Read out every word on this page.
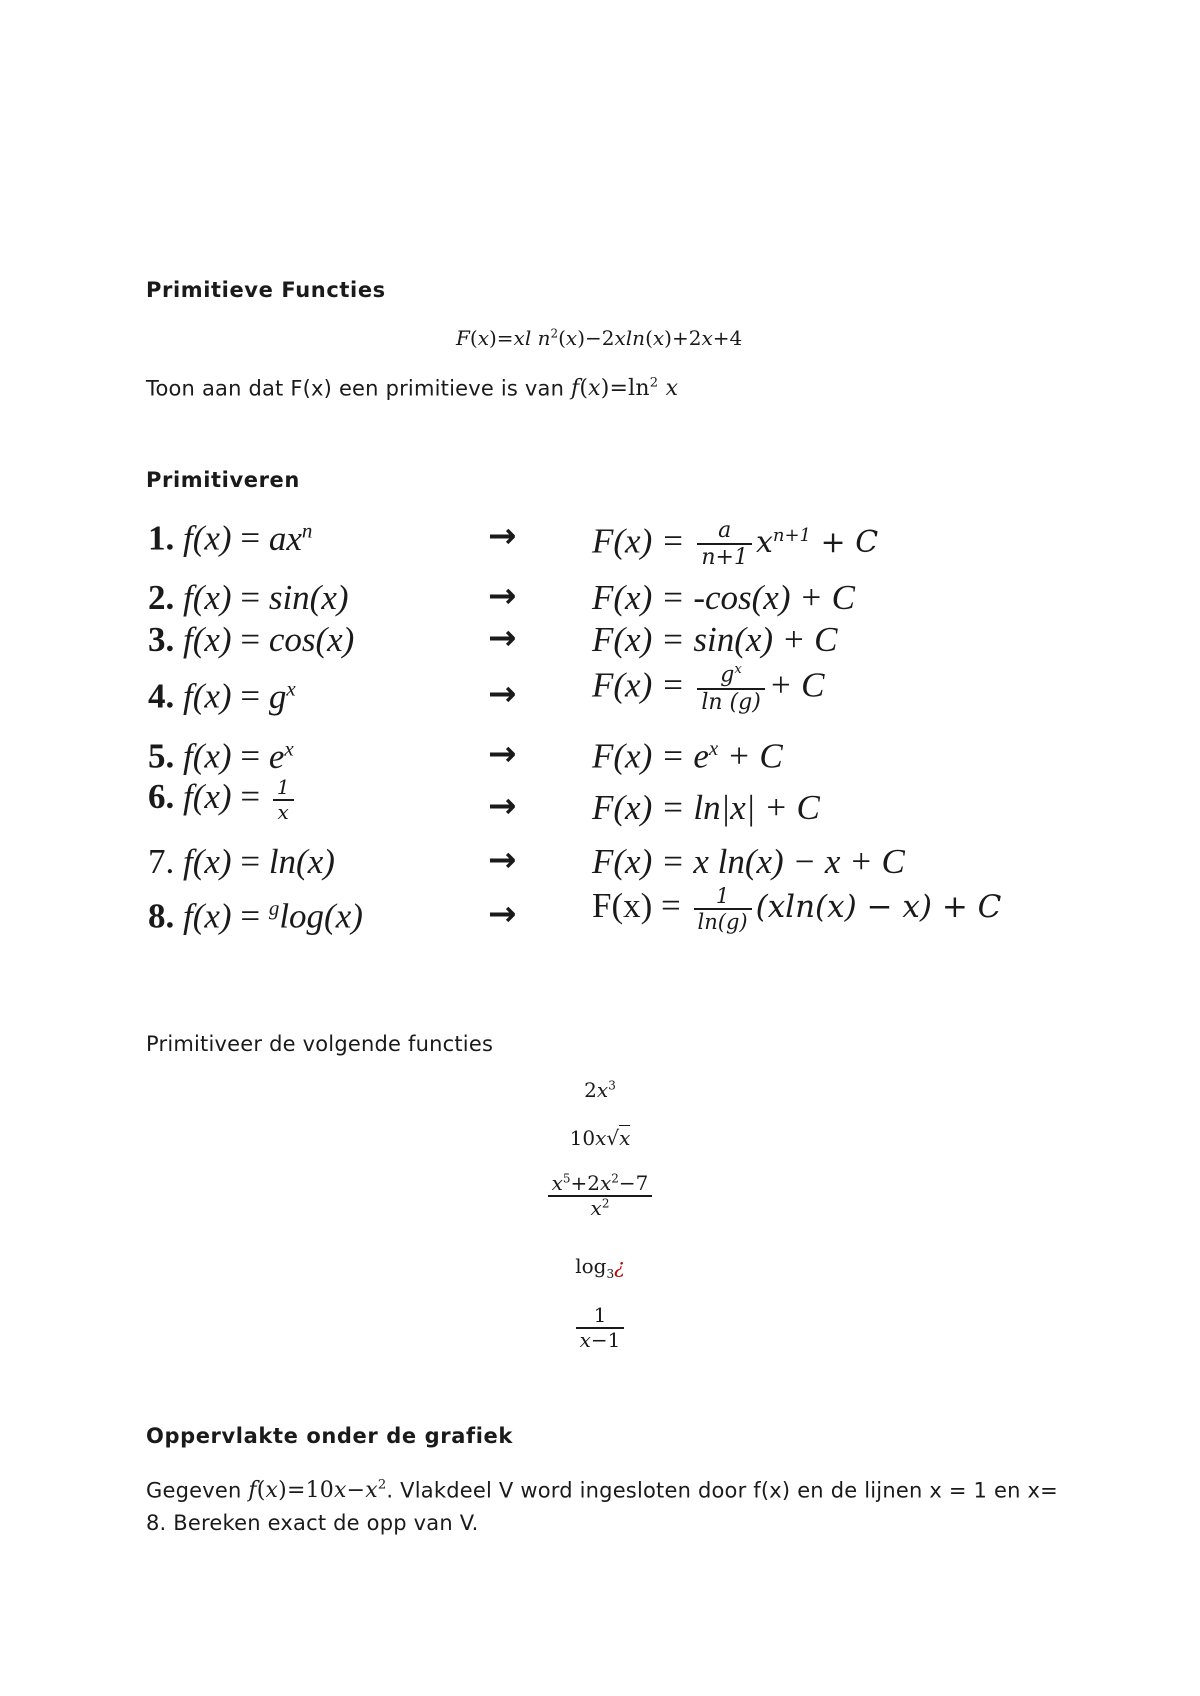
Primitieve Functies
F(x)=xl $n^2(x)-2xln(x)+2x+4$
Toon aan dat F(x) een primitieve is van $f(x)=\ln^2$ x
Primitiveren
1. $f(x) = ax^n$	→ $F(x) = \frac{a}{n+1} x^{n+1} + C$
2. f(x) = sin(x)	→ F(x) = -cos(x) + C
3. f(x) = cos(x)	→ F(x) = sin(x) + C
4. $f(x) = g^x$	→ $F(x) = \frac{g^x}{\ln (g)} + C$
5. $f(x) = e^x$	→ $F(x) = e^x + C$
6. $f(x) = \frac{1}{x}$	→ F(x) = ln|x| + C
7. f(x) = ln(x)	→ F(x) = x ln(x) − x + C
8. f(x) = $^g$log(x)	→ $F(x) = \frac{1}{\ln(g)} (xln(x) - x) + C$
Primitiveer de volgende functies
$2x^3$
10x√x
$\frac{x^5+2x^2-7}{x^2}$
$\log_3¿$
$\frac{1}{x-1}$
Oppervlakte onder de grafiek
Gegeven $f(x)=10x-x^2$. Vlakdeel V word ingesloten door f(x) en de lijnen x = 1 en x= 8. Bereken exact de opp van V.
